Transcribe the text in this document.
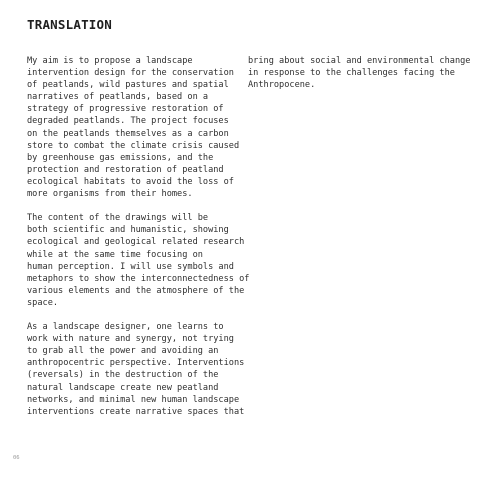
TRANSLATION
My aim is to propose a landscape
intervention design for the conservation
of peatlands, wild pastures and spatial
narratives of peatlands, based on a
strategy of progressive restoration of
degraded peatlands. The project focuses
on the peatlands themselves as a carbon
store to combat the climate crisis caused
by greenhouse gas emissions, and the
protection and restoration of peatland
ecological habitats to avoid the loss of
more organisms from their homes.
The content of the drawings will be
both scientific and humanistic, showing
ecological and geological related research
while at the same time focusing on
human perception. I will use symbols and
metaphors to show the interconnectedness of
various elements and the atmosphere of the
space.
As a landscape designer, one learns to
work with nature and synergy, not trying
to grab all the power and avoiding an
anthropocentric perspective. Interventions
(reversals) in the destruction of the
natural landscape create new peatland
networks, and minimal new human landscape
interventions create narrative spaces that
bring about social and environmental change
in response to the challenges facing the
Anthropocene.
06
